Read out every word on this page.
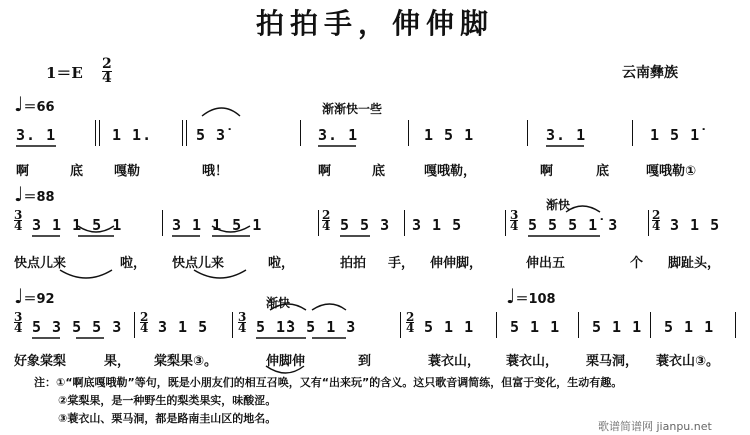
拍拍手，伸伸脚
$1=E \frac{2}{4}$	云南彝族
♩＝66	渐渐快一些
3. 1	1 1.	5 3̇	3. 1	1 5 1	3. 1	1 5 1̇
啊	底 嘎勒	哦！	啊	底	嘎哦勒，	啊	底	嘎哦勒①
♩＝88	渐快
$\frac{3}{4} 3$ 1 1 5 1	3 1 1 5 1	$\frac{2}{4} 5$ 5 3 3 1 5	$\frac{3}{4} 5$ 5 5 1̇ 3	$\frac{2}{4} 3$ 1 5
快点儿来	啦， 快点儿来	啦，	拍拍 手， 伸伸脚，	伸出五	个 脚趾头，
♩＝92	渐快	♩＝108
$\frac{3}{4} 5$ 3 5 5 $3 \frac{2}{4} 3$ 1 $5 \frac{3}{4} 5$ 1̇3 5 1 3	$\frac{2}{4} 5$ 1 1 5 1 1 5 1 1 5 1 1
好象棠梨	果， 棠梨果③。	伸脚伸	到	蓑衣山， 蓑衣山， 栗马洞， 蓑衣山③。
注：①“啊底嘎哦勒”等句，既是小朋友们的相互召唤，又有“出来玩”的含义。这只歌音调简练，但富于变化，生动有趣。
②棠梨果，是一种野生的梨类果实，味酸涩。
③蓑衣山、栗马洞，都是路南圭山区的地名。
歌谱简谱网 jianpu.net
